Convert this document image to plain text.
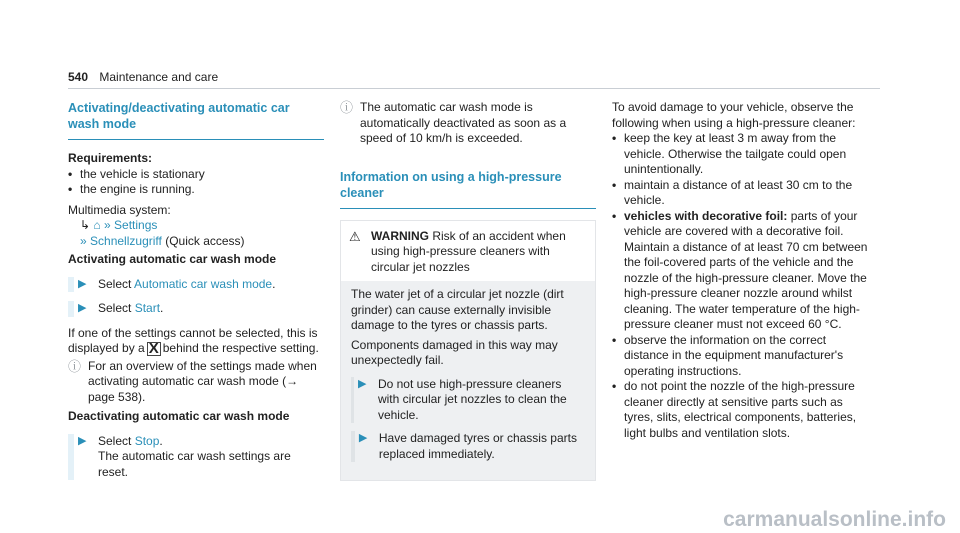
540 Maintenance and care
Activating/deactivating automatic car wash mode

Requirements:

• the vehicle is stationary
• the engine is running.

Multimedia system:

↳ ⌂ » Settings

» Schnellzugriff (Quick access)

Activating automatic car wash mode

▶ Select Automatic car wash mode.
▶ Select Start.

If one of the settings cannot be selected, this is displayed by a X behind the respective setting.

ⓘ For an overview of the settings made when activating automatic car wash mode (→ page 538).

Deactivating automatic car wash mode

▶ Select Stop.
The automatic car wash settings are reset.
ⓘ The automatic car wash mode is automatically deactivated as soon as a speed of 10 km/h is exceeded.
Information on using a high-pressure cleaner
⚠ WARNING Risk of an accident when using high-pressure cleaners with circular jet nozzles

The water jet of a circular jet nozzle (dirt grinder) can cause externally invisible damage to the tyres or chassis parts.

Components damaged in this way may unexpectedly fail.

▶ Do not use high-pressure cleaners with circular jet nozzles to clean the vehicle.
▶ Have damaged tyres or chassis parts replaced immediately.

To avoid damage to your vehicle, observe the following when using a high-pressure cleaner:

• keep the key at least 3 m away from the vehicle. Otherwise the tailgate could open unintentionally.
• maintain a distance of at least 30 cm to the vehicle.
• vehicles with decorative foil: parts of your vehicle are covered with a decorative foil. Maintain a distance of at least 70 cm between the foil-covered parts of the vehicle and the nozzle of the high-pressure cleaner. Move the high-pressure cleaner nozzle around whilst cleaning. The water temperature of the high-pressure cleaner must not exceed 60 °C.
• observe the information on the correct distance in the equipment manufacturer's operating instructions.
• do not point the nozzle of the high-pressure cleaner directly at sensitive parts such as tyres, slits, electrical components, batteries, light bulbs and ventilation slots.
carmanualsonline.info
